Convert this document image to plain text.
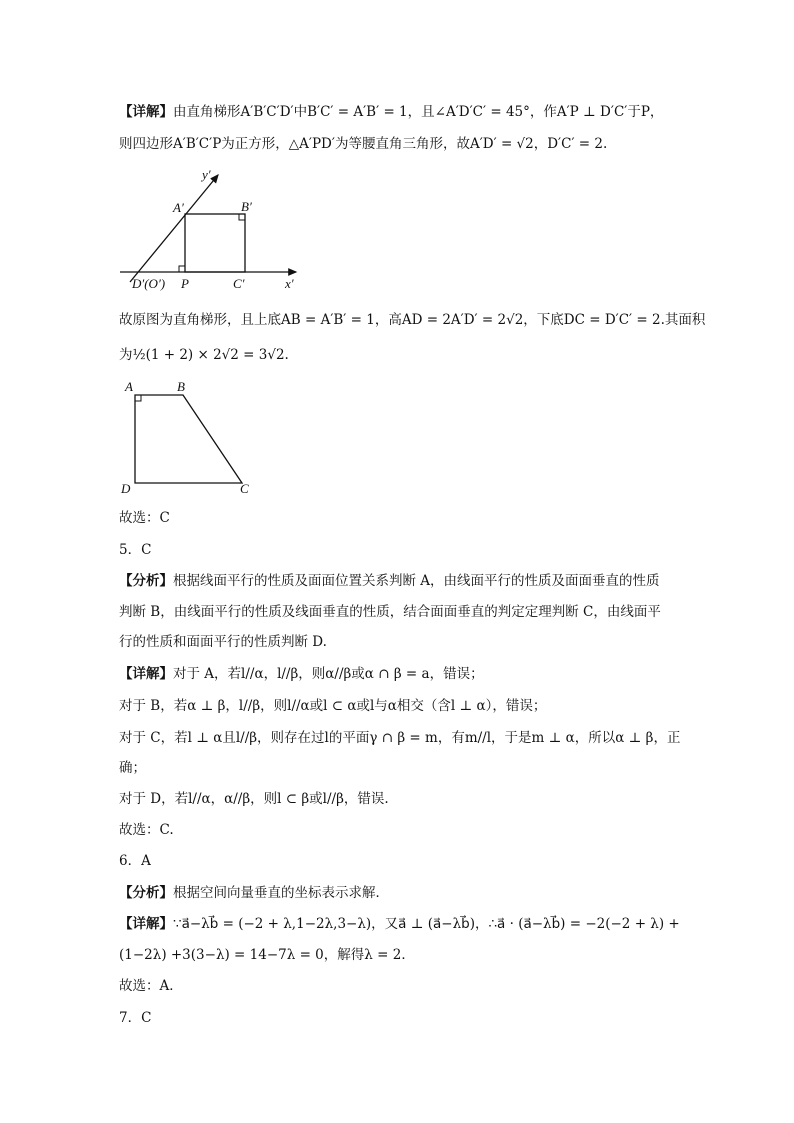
【详解】由直角梯形A′B′C′D′中B′C′ = A′B′ = 1，且∠A′D′C′ = 45°，作A′P ⊥ D′C′于P，
则四边形A′B′C′P为正方形，△A′PD′为等腰直角三角形，故A′D′ = √2，D′C′ = 2.
y′
A′	B′
D′(O′) P	C′	x′
故原图为直角梯形，且上底AB = A′B′ = 1，高AD = 2A′D′ = 2√2，下底DC = D′C′ = 2.其面积
为½(1 + 2) × 2√2 = 3√2.
A	B
D	C
故选：C
5．C
【分析】根据线面平行的性质及面面位置关系判断 A，由线面平行的性质及面面垂直的性质
判断 B，由线面平行的性质及线面垂直的性质，结合面面垂直的判定定理判断 C，由线面平
行的性质和面面平行的性质判断 D.
【详解】对于 A，若l//α，l//β，则α//β或α ∩ β = a，错误；
对于 B，若α ⊥ β，l//β，则l//α或l ⊂ α或l与α相交（含l ⊥ α），错误；
对于 C，若l ⊥ α且l//β，则存在过l的平面γ ∩ β = m，有m//l，于是m ⊥ α，所以α ⊥ β，正
确；
对于 D，若l//α，α//β，则l ⊂ β或l//β，错误.
故选：C.
6．A
【分析】根据空间向量垂直的坐标表示求解．
【详解】∵a⃗−λb⃗ = (−2 + λ,1−2λ,3−λ)，又a⃗ ⊥ (a⃗−λb⃗)，∴a⃗ · (a⃗−λb⃗) = −2(−2 + λ) +
(1−2λ) +3(3−λ) = 14−7λ = 0，解得λ = 2．
故选：A．
7．C
